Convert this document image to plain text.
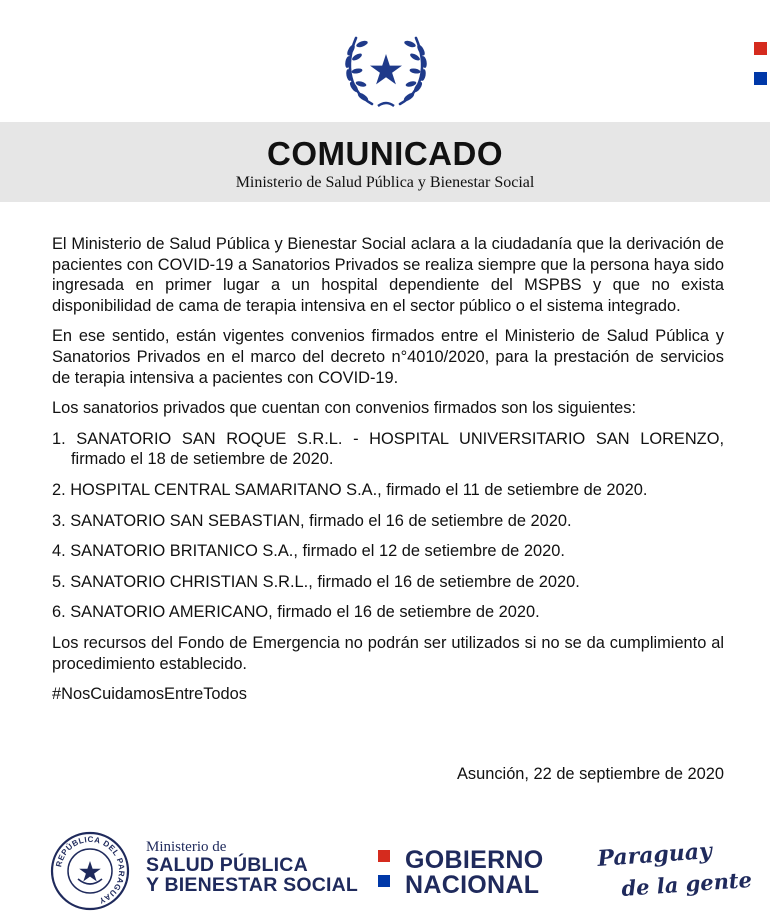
COMUNICADO
Ministerio de Salud Pública y Bienestar Social

El Ministerio de Salud Pública y Bienestar Social aclara a la ciudadanía que la derivación de pacientes con COVID-19 a Sanatorios Privados se realiza siempre que la persona haya sido ingresada en primer lugar a un hospital dependiente del MSPBS y que no exista disponibilidad de cama de terapia intensiva en el sector público o el sistema integrado.

En ese sentido, están vigentes convenios firmados entre el Ministerio de Salud Pública y Sanatorios Privados en el marco del decreto n°4010/2020, para la prestación de servicios de terapia intensiva a pacientes con COVID-19.

Los sanatorios privados que cuentan con convenios firmados son los siguientes:

1. SANATORIO SAN ROQUE S.R.L. - HOSPITAL UNIVERSITARIO SAN LORENZO, firmado el 18 de setiembre de 2020.
2. HOSPITAL CENTRAL SAMARITANO S.A., firmado el 11 de setiembre de 2020.
3. SANATORIO SAN SEBASTIAN, firmado el 16 de setiembre de 2020.
4. SANATORIO BRITANICO S.A., firmado el 12 de setiembre de 2020.
5. SANATORIO CHRISTIAN S.R.L., firmado el 16 de setiembre de 2020.
6. SANATORIO AMERICANO, firmado el 16 de setiembre de 2020.

Los recursos del Fondo de Emergencia no podrán ser utilizados si no se da cumplimiento al procedimiento establecido.

#NosCuidamosEntreTodos

Asunción, 22 de septiembre de 2020
REPÚBLICA DEL PARAGUAY
Ministerio de
SALUD PÚBLICA
Y BIENESTAR SOCIAL
GOBIERNO
NACIONAL
Paraguay
de la gente
